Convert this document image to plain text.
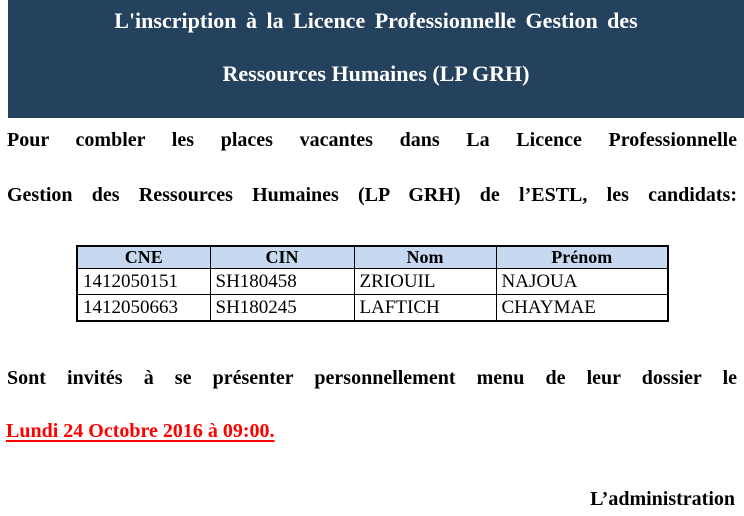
L'inscription à la Licence Professionnelle Gestion des
Ressources Humaines (LP GRH)
Pour combler les places vacantes dans La Licence Professionnelle
Gestion des Ressources Humaines (LP GRH) de l’ESTL, les candidats:
CNE	CIN	Nom	Prénom
1412050151	SH180458	ZRIOUIL	NAJOUA
1412050663	SH180245	LAFTICH	CHAYMAE
Sont invités à se présenter personnellement menu de leur dossier le
Lundi 24 Octobre 2016 à 09:00.
L’administration
